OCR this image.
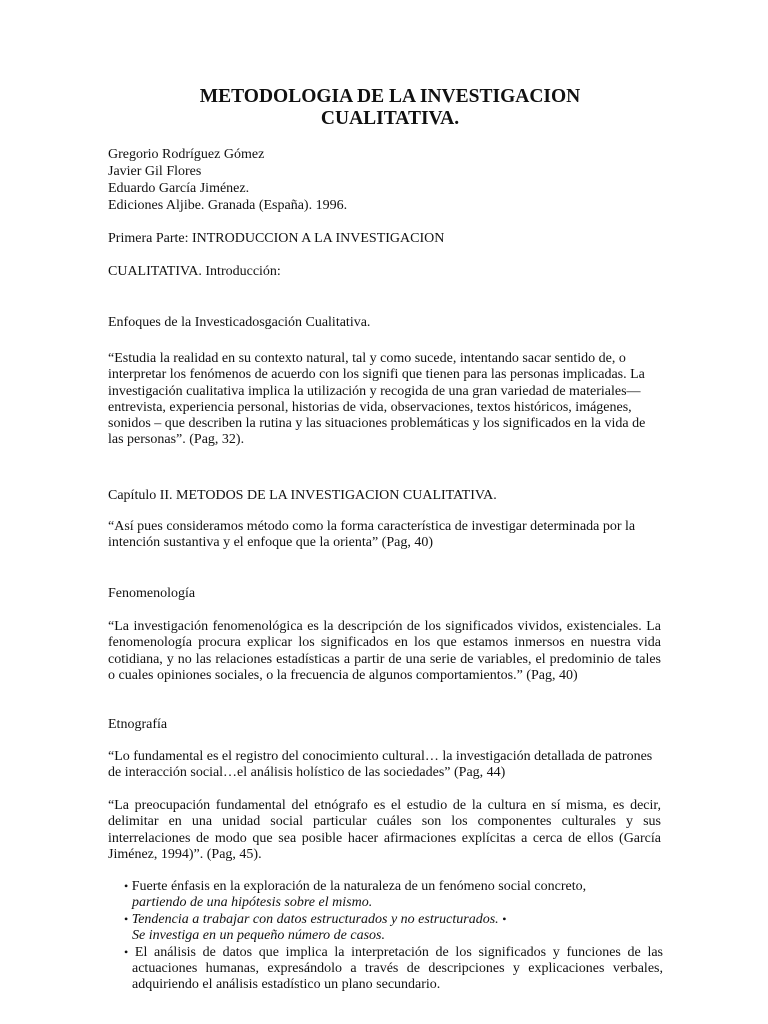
METODOLOGIA DE LA INVESTIGACION CUALITATIVA.
Gregorio Rodríguez Gómez
Javier Gil Flores
Eduardo García Jiménez.
Ediciones Aljibe. Granada (España). 1996.
Primera Parte: INTRODUCCION A LA INVESTIGACION
CUALITATIVA. Introducción:
Enfoques de la Investicadosgación Cualitativa.
“Estudia la realidad en su contexto natural, tal y como sucede, intentando sacar sentido de, o interpretar los fenómenos de acuerdo con los signifi que tienen para las personas implicadas. La investigación cualitativa implica la utilización y recogida de una gran variedad de materiales—entrevista, experiencia personal, historias de vida, observaciones, textos históricos, imágenes, sonidos – que describen la rutina y las situaciones problemáticas y los significados en la vida de las personas”. (Pag, 32).
Capítulo II. METODOS DE LA INVESTIGACION CUALITATIVA.
“Así pues consideramos método como la forma característica de investigar determinada por la intención sustantiva y el enfoque que la orienta” (Pag, 40)
Fenomenología
“La investigación fenomenológica es la descripción de los significados vividos, existenciales. La fenomenología procura explicar los significados en los que estamos inmersos en nuestra vida cotidiana, y no las relaciones estadísticas a partir de una serie de variables, el predominio de tales o cuales opiniones sociales, o la frecuencia de algunos comportamientos.” (Pag, 40)
Etnografía
“Lo fundamental es el registro del conocimiento cultural… la investigación detallada de patrones de interacción social…el análisis holístico de las sociedades” (Pag, 44)
“La preocupación fundamental del etnógrafo es el estudio de la cultura en sí misma, es decir, delimitar en una unidad social particular cuáles son los componentes culturales y sus interrelaciones de modo que sea posible hacer afirmaciones explícitas a cerca de ellos (García Jiménez, 1994)”. (Pag, 45).
• Fuerte énfasis en la exploración de la naturaleza de un fenómeno social concreto,
partiendo de una hipótesis sobre el mismo.
• Tendencia a trabajar con datos estructurados y no estructurados. •
Se investiga en un pequeño número de casos.
• El análisis de datos que implica la interpretación de los significados y funciones de las actuaciones humanas, expresándolo a través de descripciones y explicaciones verbales, adquiriendo el análisis estadístico un plano secundario.
